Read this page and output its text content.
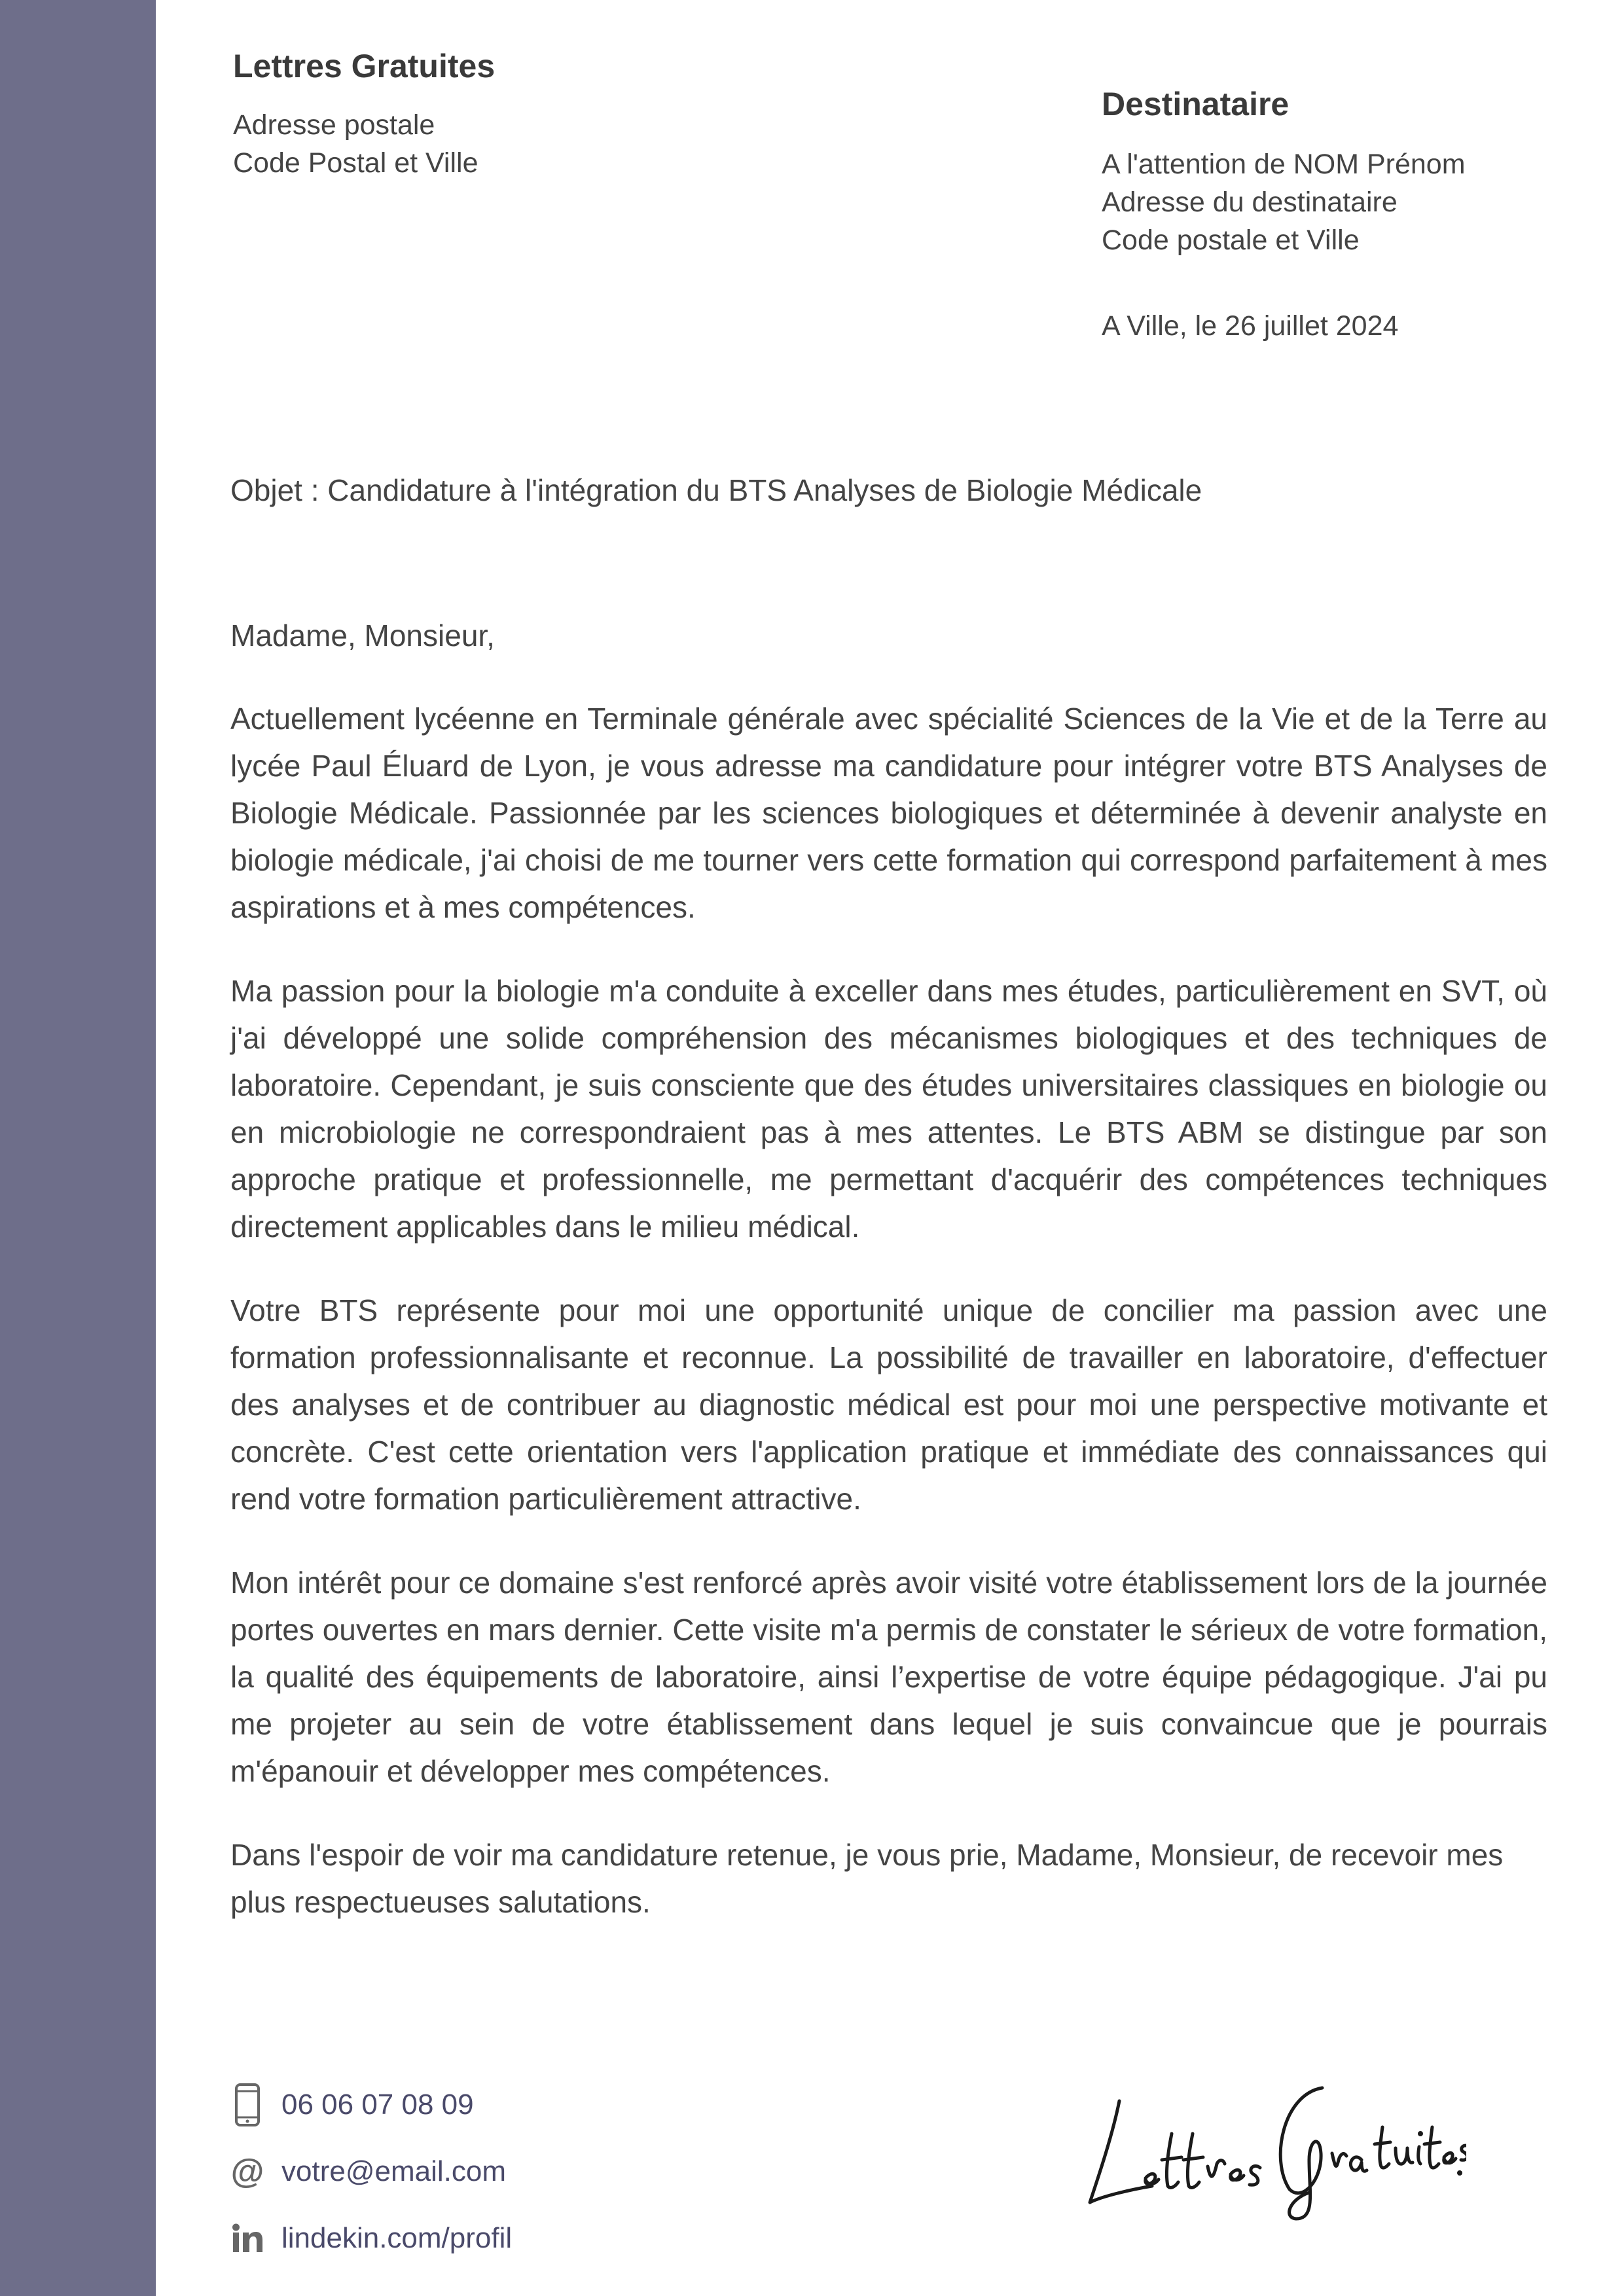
Lettres Gratuites
Adresse postale
Code Postal et Ville
Destinataire
A l'attention de NOM Prénom
Adresse du destinataire
Code postale et Ville
A Ville, le 26 juillet 2024
Objet : Candidature à l'intégration du BTS Analyses de Biologie Médicale
Madame, Monsieur,

Actuellement lycéenne en Terminale générale avec spécialité Sciences de la Vie et de la Terre au lycée Paul Éluard de Lyon, je vous adresse ma candidature pour intégrer votre BTS Analyses de Biologie Médicale. Passionnée par les sciences biologiques et déterminée à devenir analyste en biologie médicale, j'ai choisi de me tourner vers cette formation qui correspond parfaitement à mes aspirations et à mes compétences.

Ma passion pour la biologie m'a conduite à exceller dans mes études, particulièrement en SVT, où j'ai développé une solide compréhension des mécanismes biologiques et des techniques de laboratoire. Cependant, je suis consciente que des études universitaires classiques en biologie ou en microbiologie ne correspondraient pas à mes attentes. Le BTS ABM se distingue par son approche pratique et professionnelle, me permettant d'acquérir des compétences techniques directement applicables dans le milieu médical.

Votre BTS représente pour moi une opportunité unique de concilier ma passion avec une formation professionnalisante et reconnue. La possibilité de travailler en laboratoire, d'effectuer des analyses et de contribuer au diagnostic médical est pour moi une perspective motivante et concrète. C'est cette orientation vers l'application pratique et immédiate des connaissances qui rend votre formation particulièrement attractive.

Mon intérêt pour ce domaine s'est renforcé après avoir visité votre établissement lors de la journée portes ouvertes en mars dernier. Cette visite m'a permis de constater le sérieux de votre formation, la qualité des équipements de laboratoire, ainsi l’expertise de votre équipe pédagogique. J'ai pu me projeter au sein de votre établissement dans lequel je suis convaincue que je pourrais m'épanouir et développer mes compétences.

Dans l'espoir de voir ma candidature retenue, je vous prie, Madame, Monsieur, de recevoir mes plus respectueuses salutations.

06 06 07 08 09
@ votre@email.com
lindekin.com/profil
